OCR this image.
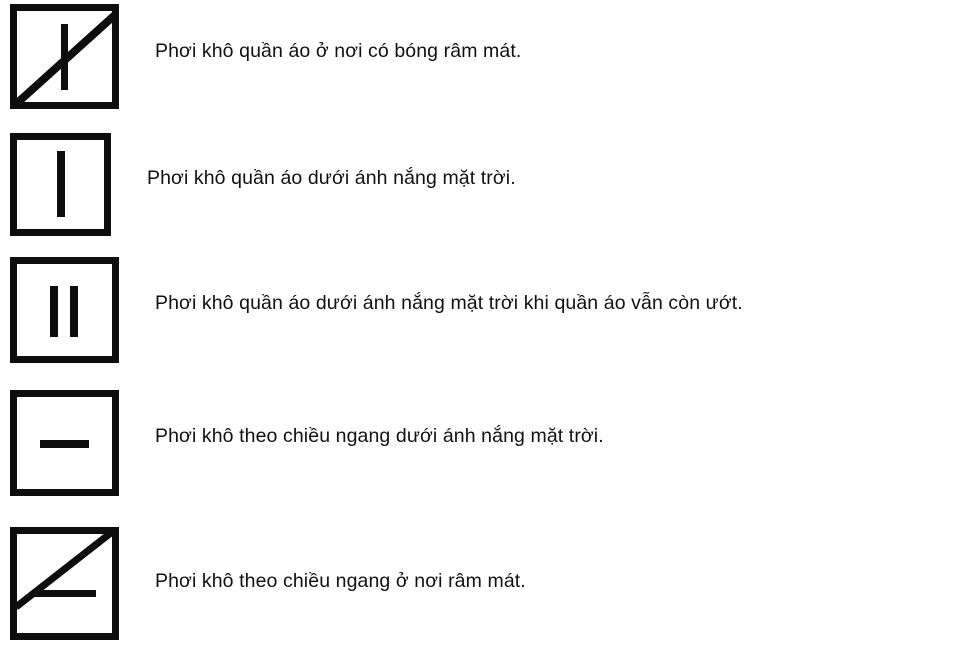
Phơi khô quần áo ở nơi có bóng râm mát.
Phơi khô quần áo dưới ánh nắng mặt trời.
Phơi khô quần áo dưới ánh nắng mặt trời khi quần áo vẫn còn ướt.
Phơi khô theo chiều ngang dưới ánh nắng mặt trời.
Phơi khô theo chiều ngang ở nơi râm mát.
